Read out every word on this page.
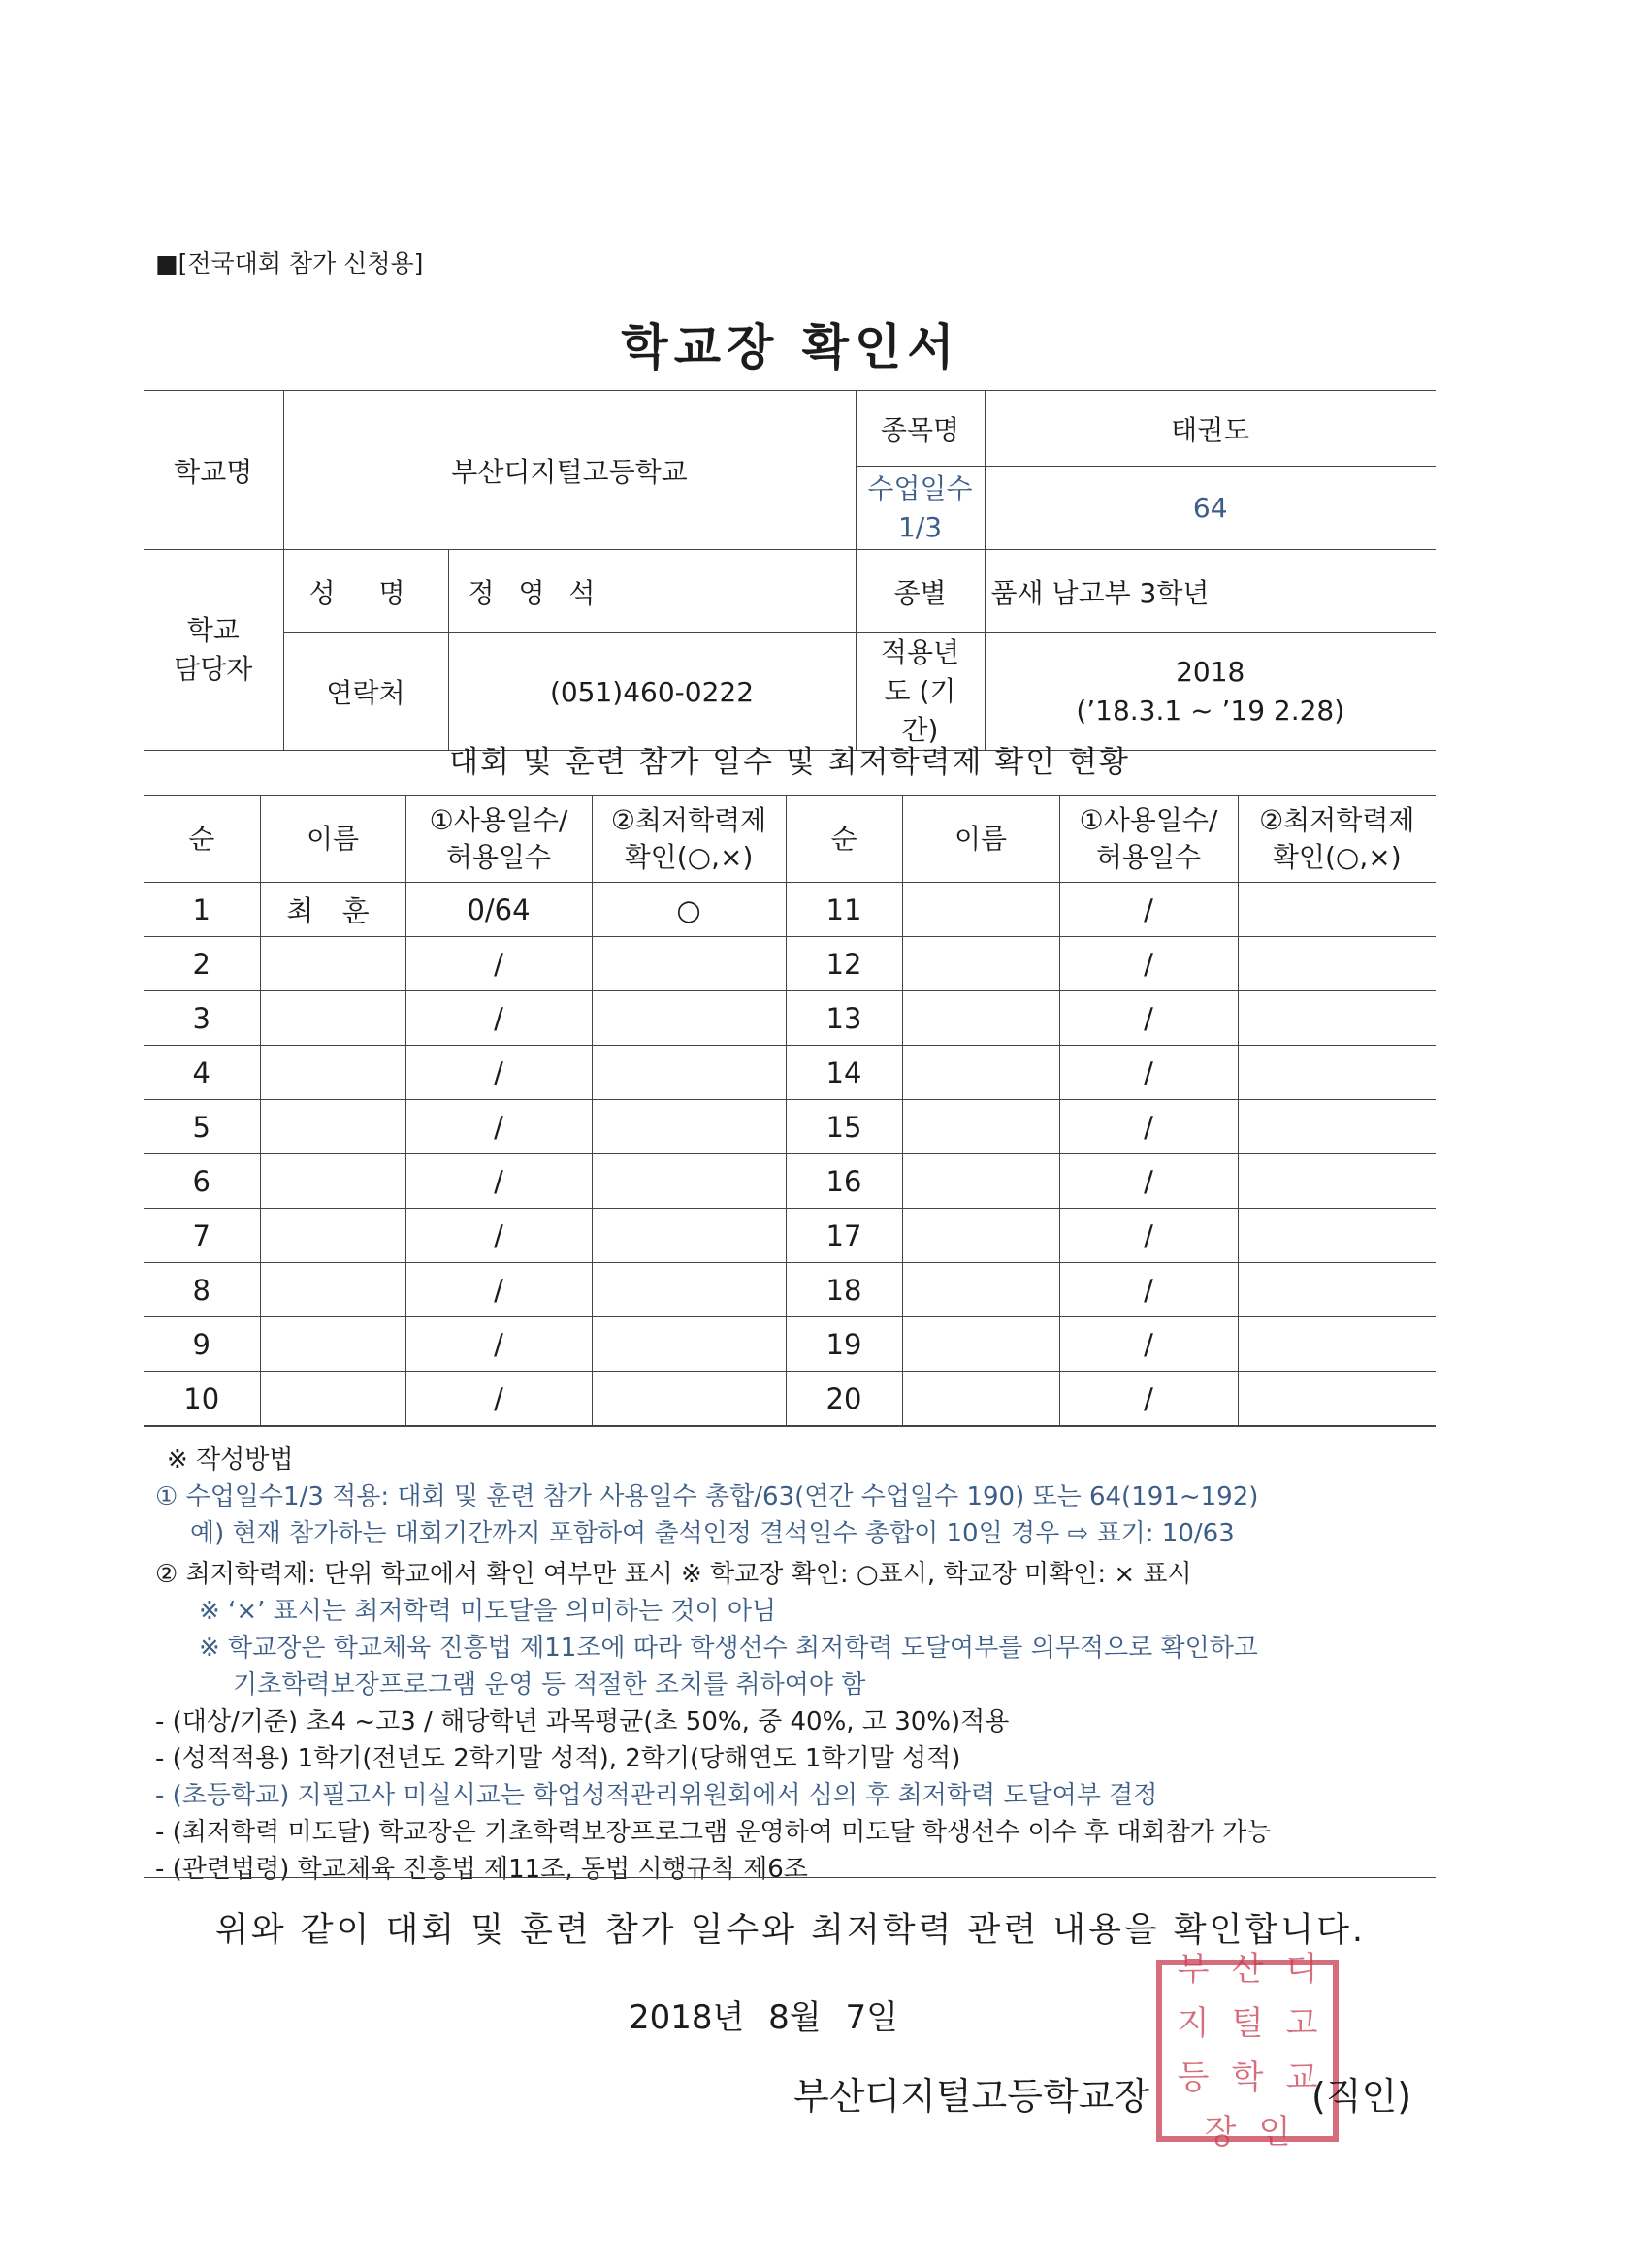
■[전국대회 참가 신청용]
학교장 확인서
학교명	부산디지털고등학교		종목명	태권도

			수업일수 1/3	64

학교 담당자	성 명	정 영 석	종별	품새 남고부 3학년
	연락처	(051)460-0222	적용년도 (기간)	2018
(’18.3.1 ~ ’19 2.28)
대회 및 훈련 참가 일수 및 최저학력제 확인 현황
순	이름	①사용일수/ 허용일수	②최저학력제 확인(○,×)	순	이름	①사용일수/ 허용일수	②최저학력제 확인(○,×)

1	최 훈	0/64	○	11		/	
2		/		12		/	
3		/		13		/	
4		/		14		/	
5		/		15		/	
6		/		16		/	
7		/		17		/	
8		/		18		/	
9		/		19		/	
10		/		20		/	
※ 작성방법
① 수업일수1/3 적용: 대회 및 훈련 참가 사용일수 총합/63(연간 수업일수 190) 또는 64(191~192)
예) 현재 참가하는 대회기간까지 포함하여 출석인정 결석일수 총합이 10일 경우 ⇨ 표기: 10/63
② 최저학력제: 단위 학교에서 확인 여부만 표시 ※ 학교장 확인: ○표시, 학교장 미확인: × 표시
※ ‘×’ 표시는 최저학력 미도달을 의미하는 것이 아님
※ 학교장은 학교체육 진흥법 제11조에 따라 학생선수 최저학력 도달여부를 의무적으로 확인하고
기초학력보장프로그램 운영 등 적절한 조치를 취하여야 함
- (대상/기준) 초4 ~고3 / 해당학년 과목평균(초 50%, 중 40%, 고 30%)적용
- (성적적용) 1학기(전년도 2학기말 성적), 2학기(당해연도 1학기말 성적)
- (초등학교) 지필고사 미실시교는 학업성적관리위원회에서 심의 후 최저학력 도달여부 결정
- (최저학력 미도달) 학교장은 기초학력보장프로그램 운영하여 미도달 학생선수 이수 후 대회참가 가능
- (관련법령) 학교체육 진흥법 제11조, 동법 시행규칙 제6조
위와 같이 대회 및 훈련 참가 일수와 최저학력 관련 내용을 확인합니다.
2018년 8월 7일
부 산 디
지 털 고
등 학 교
장 인
부산디지털고등학교장	(직인)
